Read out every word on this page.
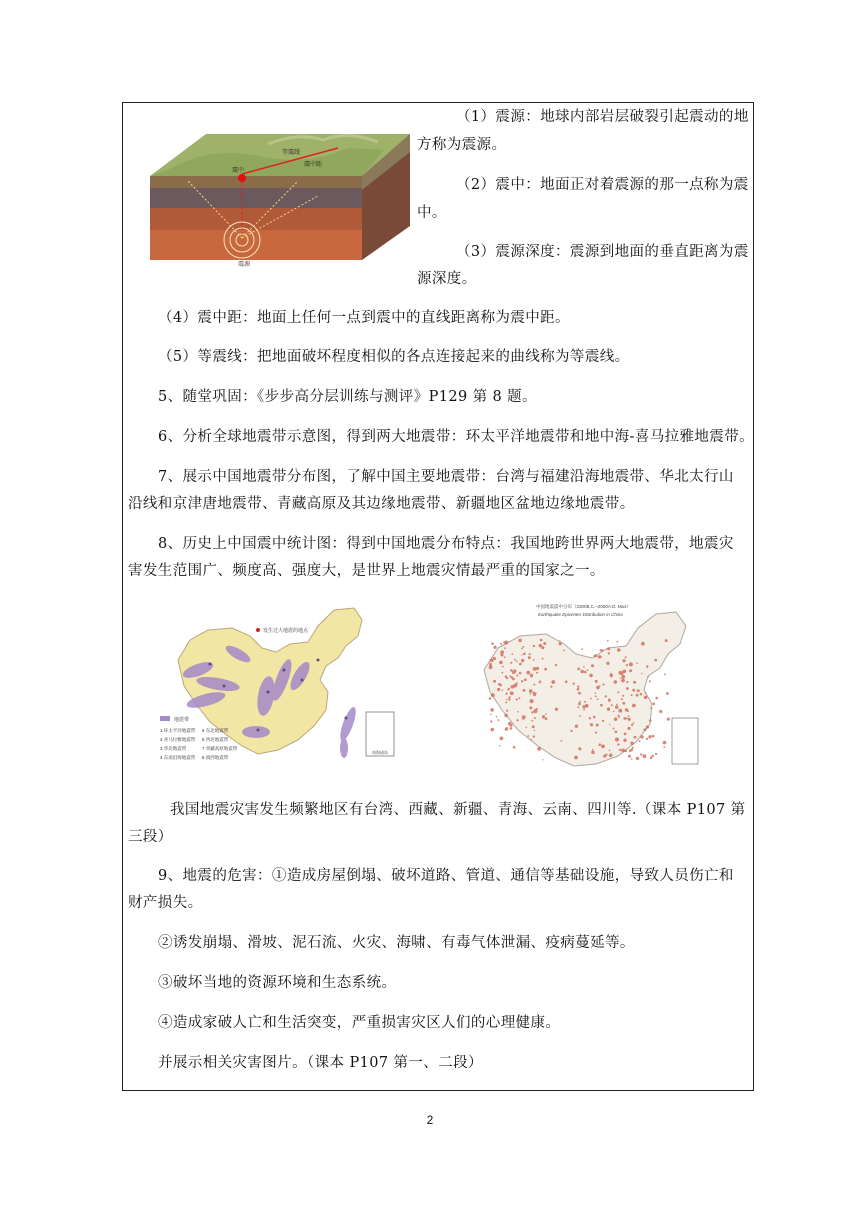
震中
震源
等震线
震中距
（1）震源：地球内部岩层破裂引起震动的地
方称为震源。
（2）震中：地面正对着震源的那一点称为震
中。
（3）震源深度：震源到地面的垂直距离为震
源深度。
（4）震中距：地面上任何一点到震中的直线距离称为震中距。
（5）等震线：把地面破坏程度相似的各点连接起来的曲线称为等震线。
5、随堂巩固：《步步高分层训练与测评》P129 第 8 题。
6、分析全球地震带示意图，得到两大地震带：环太平洋地震带和地中海-喜马拉雅地震带。
7、展示中国地震带分布图，了解中国主要地震带：台湾与福建沿海地震带、华北太行山
沿线和京津唐地震带、青藏高原及其边缘地震带、新疆地区盆地边缘地震带。
8、历史上中国震中统计图：得到中国地震分布特点：我国地跨世界两大地震带，地震灾
害发生范围广、频度高、强度大，是世界上地震灾情最严重的国家之一。
南海诸岛
发生过大地震的地点
地震带
1 环太平洋地震带
2 喜马拉雅地震带
3 华北地震带
4 东南沿海地震带
5 东北地震带
6 西北地震带
7 青藏高原地震带
8 滇西地震带
中国地震震中分布（2300B.C.~2000A.D. M≥4）
Earthquake Epicenter Distribution in China
我国地震灾害发生频繁地区有台湾、西藏、新疆、青海、云南、四川等.（课本 P107 第
三段）
9、地震的危害：①造成房屋倒塌、破坏道路、管道、通信等基础设施，导致人员伤亡和
财产损失。
②诱发崩塌、滑坡、泥石流、火灾、海啸、有毒气体泄漏、疫病蔓延等。
③破坏当地的资源环境和生态系统。
④造成家破人亡和生活突变，严重损害灾区人们的心理健康。
并展示相关灾害图片。（课本 P107 第一、二段）
2
